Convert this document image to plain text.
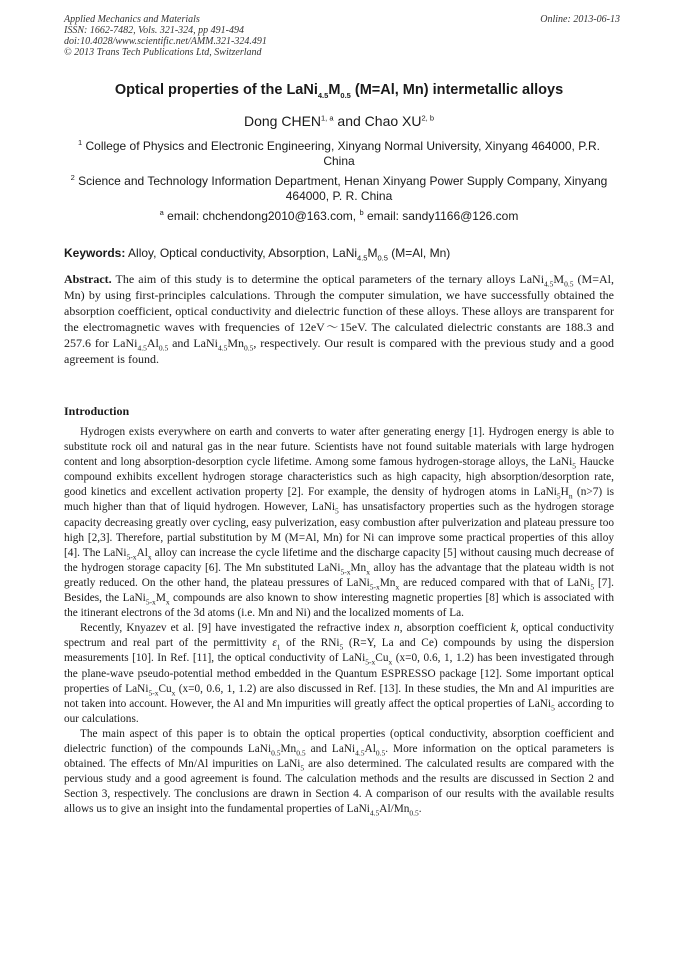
Applied Mechanics and Materials	Online: 2013-06-13
ISSN: 1662-7482, Vols. 321-324, pp 491-494
doi:10.4028/www.scientific.net/AMM.321-324.491
© 2013 Trans Tech Publications Ltd, Switzerland
Optical properties of the $LaNi_{4.5}M_{0.5}$ (M=Al, Mn) intermetallic alloys
Dong CHEN$^{1, a}$ and Chao XU$^{2, b}$
$^1$ College of Physics and Electronic Engineering, Xinyang Normal University, Xinyang 464000, P.R. China
$^2$ Science and Technology Information Department, Henan Xinyang Power Supply Company, Xinyang 464000, P. R. China
$^a$ email: chchendong2010@163.com, $^b$ email: sandy1166@126.com
Keywords: Alloy, Optical conductivity, Absorption, $LaNi_{4.5}M_{0.5}$ (M=Al, Mn)
Abstract. The aim of this study is to determine the optical parameters of the ternary alloys $LaNi_{4.5}M_{0.5}$ (M=Al, Mn) by using first-principles calculations. Through the computer simulation, we have successfully obtained the absorption coefficient, optical conductivity and dielectric function of these alloys. These alloys are transparent for the electromagnetic waves with frequencies of 12eV～15eV. The calculated dielectric constants are 188.3 and 257.6 for $LaNi_{4.5}Al_{0.5}$ and $LaNi_{4.5}Mn_{0.5}$, respectively. Our result is compared with the previous study and a good agreement is found.
Introduction

Hydrogen exists everywhere on earth and converts to water after generating energy [1]. Hydrogen energy is able to substitute rock oil and natural gas in the near future. Scientists have not found suitable materials with large hydrogen content and long absorption-desorption cycle lifetime. Among some famous hydrogen-storage alloys, the LaNi$_5$ Haucke compound exhibits excellent hydrogen storage characteristics such as high capacity, high absorption/desorption rate, good kinetics and excellent activation property [2]. For example, the density of hydrogen atoms in $LaNi_5H_n$ (n>7) is much higher than that of liquid hydrogen. However, LaNi$_5$ has unsatisfactory properties such as the hydrogen storage capacity decreasing greatly over cycling, easy pulverization, easy combustion after pulverization and plateau pressure too high [2,3]. Therefore, partial substitution by M (M=Al, Mn) for Ni can improve some practical properties of this alloy [4]. The $LaNi_{5-x}Al_x$ alloy can increase the cycle lifetime and the discharge capacity [5] without causing much decrease of the hydrogen storage capacity [6]. The Mn substituted $LaNi_{5-x}Mn_x$ alloy has the advantage that the plateau width is not greatly reduced. On the other hand, the plateau pressures of $LaNi_{5-x}Mn_x$ are reduced compared with that of LaNi$_5$ [7]. Besides, the $LaNi_{5-x}M_x$ compounds are also known to show interesting magnetic properties [8] which is associated with the itinerant electrons of the 3d atoms (i.e. Mn and Ni) and the localized moments of La.

Recently, Knyazev et al. [9] have investigated the refractive index n, absorption coefficient k, optical conductivity spectrum and real part of the permittivity $\varepsilon_1$ of the RNi$_5$ (R=Y, La and Ce) compounds by using the dispersion measurements [10]. In Ref. [11], the optical conductivity of $LaNi_{5-x}Cu_x$ (x=0, 0.6, 1, 1.2) has been investigated through the plane-wave pseudo-potential method embedded in the Quantum ESPRESSO package [12]. Some important optical properties of $LaNi_{5-x}Cu_x$ (x=0, 0.6, 1, 1.2) are also discussed in Ref. [13]. In these studies, the Mn and Al impurities are not taken into account. However, the Al and Mn impurities will greatly affect the optical properties of LaNi$_5$ according to our calculations.

The main aspect of this paper is to obtain the optical properties (optical conductivity, absorption coefficient and dielectric function) of the compounds $LaNi_{0.5}Mn_{0.5}$ and $LaNi_{4.5}Al_{0.5}$. More information on the optical parameters is obtained. The effects of Mn/Al impurities on LaNi$_5$ are also determined. The calculated results are compared with the pervious study and a good agreement is found. The calculation methods and the results are discussed in Section 2 and Section 3, respectively. The conclusions are drawn in Section 4. A comparison of our results with the available results allows us to give an insight into the fundamental properties of $LaNi_{4.5}Al/Mn_{0.5}$.
